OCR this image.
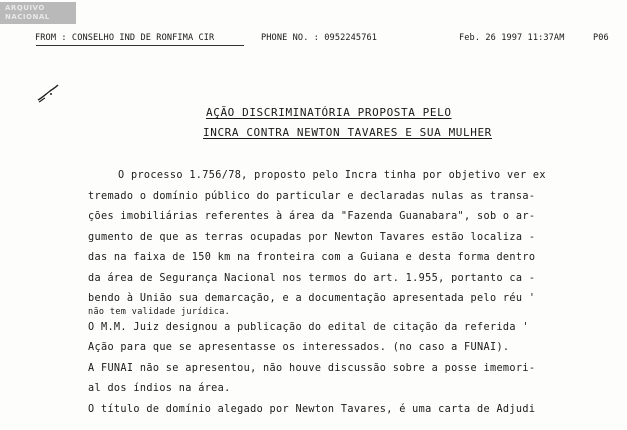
ARQUIVO
NACIONAL
FROM : CONSELHO IND DE RONFIMA CIR	PHONE NO. : 0952245761	Feb. 26 1997 11:37AM	P06
AÇÃO DISCRIMINATÓRIA PROPOSTA PELO
INCRA CONTRA NEWTON TAVARES E SUA MULHER
O processo 1.756/78, proposto pelo Incra tinha por objetivo ver ex
tremado o domínio público do particular e declaradas nulas as transa-
ções imobiliárias referentes à área da "Fazenda Guanabara", sob o ar-
gumento de que as terras ocupadas por Newton Tavares estão localiza -
das na faixa de 150 km na fronteira com a Guiana e desta forma dentro
da área de Segurança Nacional nos termos do art. 1.955, portanto ca -
bendo à União sua demarcação, e a documentação apresentada pelo réu '
não tem validade jurídica.
O M.M. Juiz designou a publicação do edital de citação da referida '
Ação para que se apresentasse os interessados. (no caso a FUNAI).
A FUNAI não se apresentou, não houve discussão sobre a posse imemori-
al dos índios na área.
O título de domínio alegado por Newton Tavares, é uma carta de Adjudi
